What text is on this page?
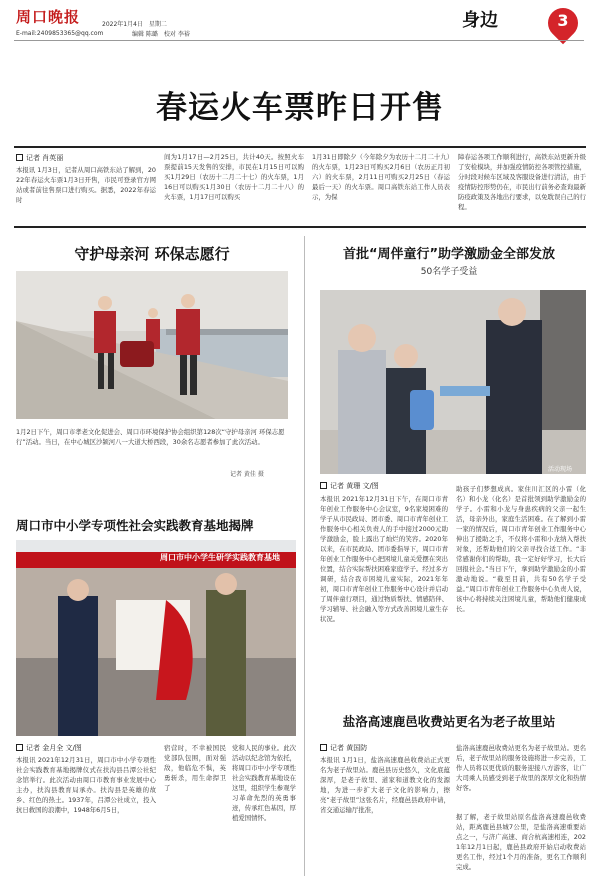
周口晚报
E-mail:2409853365@qq.com
2022年1月4日　星期二
编辑 陈璐　校对 李裕
身边	3
春运火车票昨日开售
记者 肖英丽
本报讯 1月3日，记者从周口高铁东站了解到，2022年春运火车票1月3日开售，市民可登录官方网站或者前往售票口进行购买。据悉，2022年春运时
间为1月17日—2月25日，共计40天。按照火车票提前15天发售的安排，市民在1月15日可以购买1月29日（农历十二月二十七）的火车票，1月16日可以购买1月30日（农历十二月二十八）的火车票，1月17日可以购买
1月31日即除夕（今年除夕为农历十二月二十九）的火车票，1月23日可购买2月6日（农历正月初六）的火车票，2月11日可购买2月25日（春运最后一天）的火车票。周口高铁东站工作人员表示，为保
障春运各项工作顺利进行，高铁东站更新升级了安检模块，并加强疫情防控各项管控措施，分时段对候车区域及客服设备进行清洁，由于疫情防控形势仍在，市民出行前务必查询最新防疫政策及各地出行要求，以免耽误自己的行程。
守护母亲河 环保志愿行
1月2日下午，周口市孝老文化促进会、周口市环境保护协会组织第128次“守护母亲河 环保志愿行”活动。当日，在中心城区沙颍河八一大道大桥西段，30余名志愿者参加了此次活动。
记者 黄佳 摄
首批“周伴童行”助学激励金全部发放
50名学子受益
活动现场
记者 黄珊 文/图
本报讯 2021年12月31日下午，在周口市青年创业工作服务中心会议室，9名家境困难的学子从市民政局、团市委、周口市青年创业工作服务中心相关负责人的手中接过2000元助学激励金，脸上露出了灿烂的笑容。2020年以来，在市民政局、团市委指导下，周口市青年创业工作服务中心把困境儿童关爱摆在突出位置，结合实际帮扶困难家庭学子。经过多方调研，结合我市困境儿童实际，2021年年初，周口市青年创业工作服务中心设计并启动了周伴童行项目，通过物质帮扶、情感陪伴、学习辅导、社会融入等方式改善困境儿童生存状况。
助孩子们梦想成真。家住川汇区的小雷（化名）和小龙（化名）是首批领到助学激励金的学子。小雷和小龙与身患疾病的父亲一起生活，母亲外出，家庭生活困难。在了解到小雷一家的情况后，周口市青年创业工作服务中心伸出了援助之手，不仅将小雷和小龙纳入帮扶对象，还帮助他们的父亲寻找合适工作。“非常感谢你们的帮助，我一定好好学习，长大后回报社会。”当日下午，拿到助学激励金的小雷激动地说。“截至目前，共有50名学子受益。”周口市青年创业工作服务中心负责人说，该中心将持续关注困境儿童，帮助他们健康成长。
周口市中小学专项性社会实践教育基地揭牌
周口市中小学生研学实践教育基地
记者 金月全 文/图
本报讯 2021年12月31日，周口市中小学专项性社会实践教育基地揭牌仪式在扶沟县吕潭公社纪念馆举行。此次活动由周口市教育事业发展中心主办，扶沟县教育局承办。扶沟县是英雄的故乡、红色的热土。1937年，吕潭公社成立，投入抗日救国的浪潮中，1948年6月5日，
宿营时，不幸被国民党部队包围，面对强敌，他临危不惧，英勇斩杀，用生命捍卫了
党和人民的事业。此次活动以纪念馆为依托，将周口市中小学专项性社会实践教育基地设在这里，组织学生参观学习革命先烈的英勇事迹，传承红色基因，厚植爱国情怀。
盐洛高速鹿邑收费站更名为老子故里站
记者 黄国防
本报讯 1月1日，盐洛高速鹿邑收费站正式更名为老子故里站。鹿邑县历史悠久，文化底蕴深厚，是老子故里、道家和道教文化的发源地，为进一步扩大老子文化的影响力，擦亮“老子故里”这张名片，经鹿邑县政府申请，省交通运输厅批准，
盐洛高速鹿邑收费站更名为老子故里站。更名后，老子故里站的服务设施将进一步完善，工作人员将以更优质的服务迎接八方游客，让广大司乘人员感受到老子故里的深厚文化和热情好客。
据了解，老子故里站原名盐洛高速鹿邑收费站，距离鹿邑县城7公里，是盐洛高速重要站点之一，与济广高速、商合杭高速相连，2021年12月1日起，鹿邑县政府开始启动收费站更名工作，经过1个月的准备，更名工作顺利完成。
